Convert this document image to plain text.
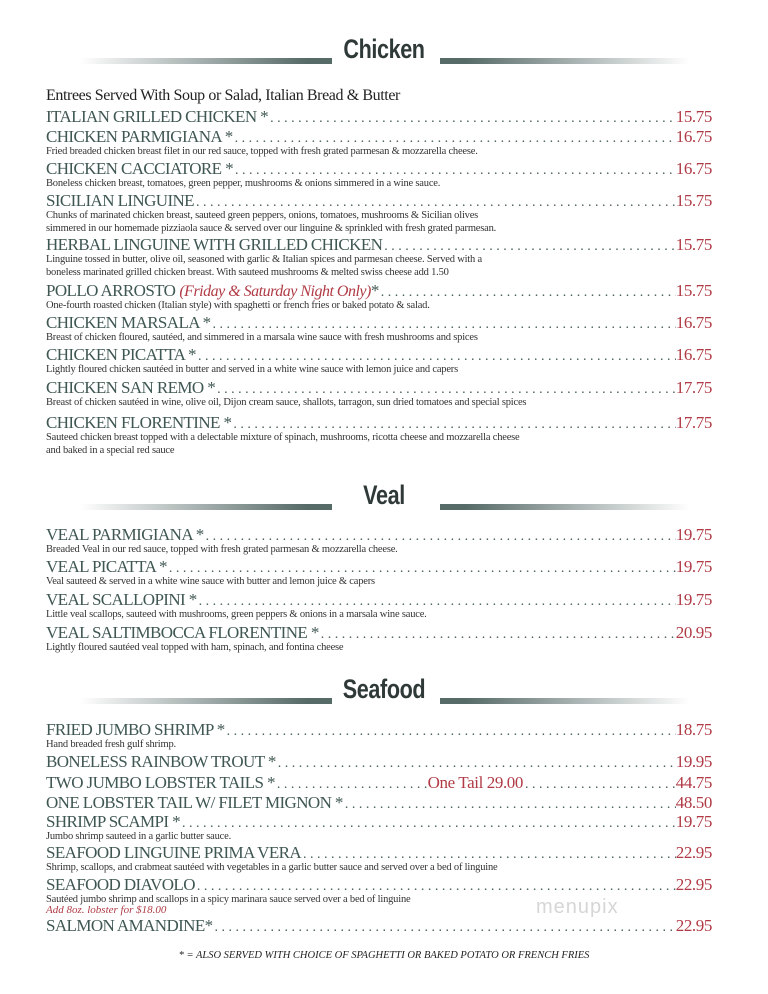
Entrees Served With Soup or Salad, Italian Bread & Butter
* = ALSO SERVED WITH CHOICE OF SPAGHETTI OR BAKED POTATO OR FRENCH FRIES
menupix
Chicken
ITALIAN GRILLED CHICKEN * . . .	15.75
CHICKEN PARMIGIANA * . . .	16.75
Fried breaded chicken breast filet in our red sauce, topped with fresh grated parmesan & mozzarella cheese.
CHICKEN CACCIATORE * . . .	16.75
Boneless chicken breast, tomatoes, green pepper, mushrooms & onions simmered in a wine sauce.
SICILIAN LINGUINE . . .	15.75
Chunks of marinated chicken breast, sauteed green peppers, onions, tomatoes, mushrooms & Sicilian olives
simmered in our homemade pizziaola sauce & served over our linguine & sprinkled with fresh grated parmesan.
HERBAL LINGUINE WITH GRILLED CHICKEN . . .	15.75
Linguine tossed in butter, olive oil, seasoned with garlic & Italian spices and parmesan cheese. Served with a
boneless marinated grilled chicken breast. With sauteed mushrooms & melted swiss cheese add 1.50
POLLO ARROSTO (Friday & Saturday Night Only) * . . .	15.75
One-fourth roasted chicken (Italian style) with spaghetti or french fries or baked potato & salad.
CHICKEN MARSALA * . . .	16.75
Breast of chicken floured, sautéed, and simmered in a marsala wine sauce with fresh mushrooms and spices
CHICKEN PICATTA * . . .	16.75
Lightly floured chicken sautéed in butter and served in a white wine sauce with lemon juice and capers
CHICKEN SAN REMO * . . .	17.75
Breast of chicken sautéed in wine, olive oil, Dijon cream sauce, shallots, tarragon, sun dried tomatoes and special spices
CHICKEN FLORENTINE * . . .	17.75
Sauteed chicken breast topped with a delectable mixture of spinach, mushrooms, ricotta cheese and mozzarella cheese
and baked in a special red sauce
Veal
VEAL PARMIGIANA * . . .	19.75
Breaded Veal in our red sauce, topped with fresh grated parmesan & mozzarella cheese.
VEAL PICATTA * . . .	19.75
Veal sauteed & served in a white wine sauce with butter and lemon juice & capers
VEAL SCALLOPINI * . . .	19.75
Little veal scallops, sauteed with mushrooms, green peppers & onions in a marsala wine sauce.
VEAL SALTIMBOCCA FLORENTINE * . . .	20.95
Lightly floured sautéed veal topped with ham, spinach, and fontina cheese
Seafood
FRIED JUMBO SHRIMP * . . .	18.75
Hand breaded fresh gulf shrimp.
BONELESS RAINBOW TROUT * . . .	19.95
TWO JUMBO LOBSTER TAILS * . . .	One Tail 29.00 . . .	44.75
ONE LOBSTER TAIL W/ FILET MIGNON * . . .	48.50
SHRIMP SCAMPI * . . .	19.75
Jumbo shrimp sauteed in a garlic butter sauce.
SEAFOOD LINGUINE PRIMA VERA . . .	22.95
Shrimp, scallops, and crabmeat sautéed with vegetables in a garlic butter sauce and served over a bed of linguine
SEAFOOD DIAVOLO . . .	22.95
Sautéed jumbo shrimp and scallops in a spicy marinara sauce served over a bed of linguine
Add 8oz. lobster for $18.00
SALMON AMANDINE* . . .	22.95
